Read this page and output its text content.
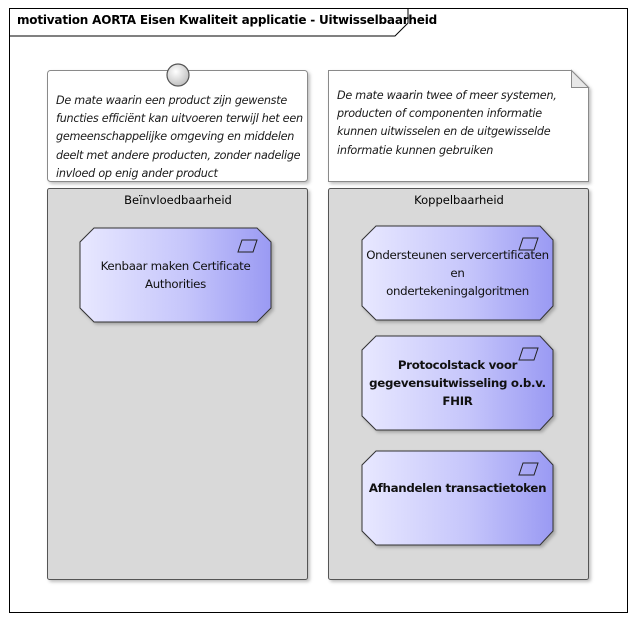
motivation AORTA Eisen Kwaliteit applicatie - Uitwisselbaarheid
De mate waarin een product zijn gewenste
functies efficiënt kan uitvoeren terwijl het een
gemeenschappelijke omgeving en middelen
deelt met andere producten, zonder nadelige
invloed op enig ander product
De mate waarin twee of meer systemen,
producten of componenten informatie
kunnen uitwisselen en de uitgewisselde
informatie kunnen gebruiken
Beïnvloedbaarheid	Koppelbaarheid
Kenbaar maken Certificate
Authorities
Ondersteunen servercertificaten en
ondertekeningalgoritmen
Protocolstack voor
gegevensuitwisseling o.b.v. FHIR
Afhandelen transactietoken
